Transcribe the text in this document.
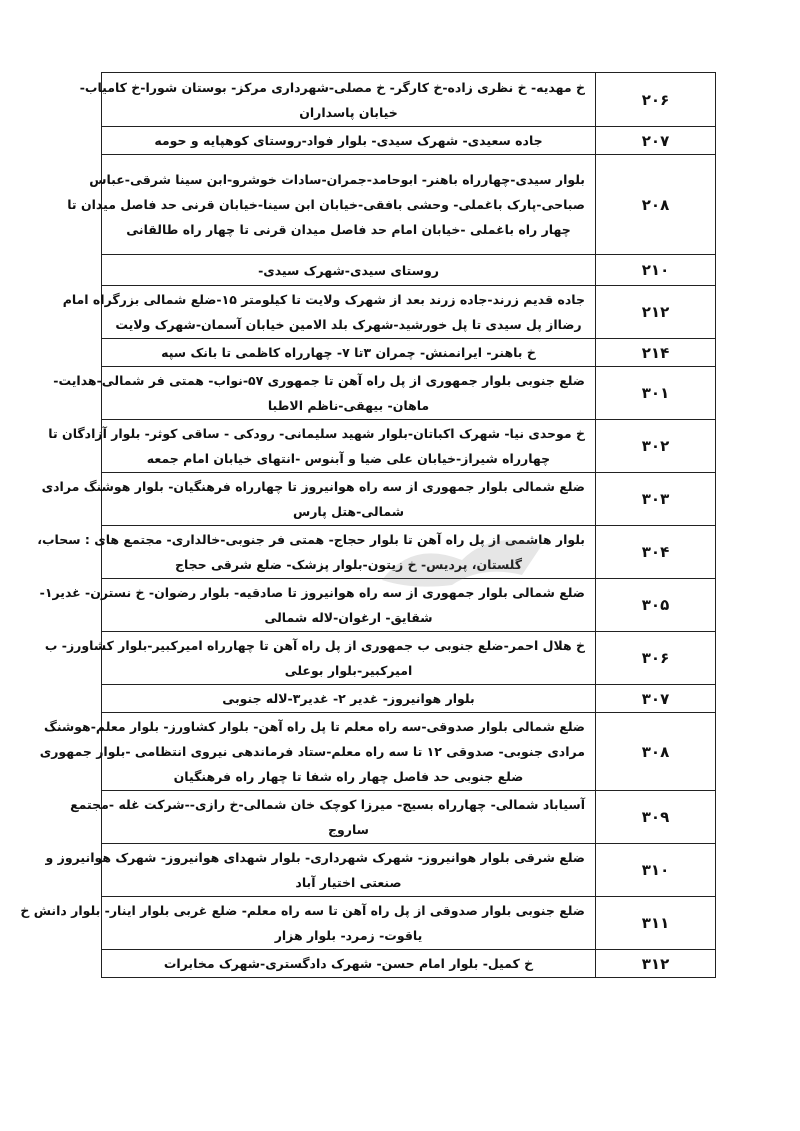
۲۰۶	خ مهدیه- خ نظری زاده-خ کارگر- خ مصلی-شهرداری مرکز- بوستان شورا-خ کامیاب-
خیابان پاسداران

۲۰۷	جاده سعیدی- شهرک سیدی- بلوار فواد-روستای کوهپایه و حومه

۲۰۸	بلوار سیدی-چهارراه باهنر- ابوحامد-جمران-سادات خوشرو-ابن سینا شرقی-عباس
صباحی-پارک باغملی- وحشی بافقی-خیابان ابن سینا-خیابان قرنی حد فاصل میدان تا
چهار راه باغملی -خیابان امام حد فاصل میدان قرنی تا چهار راه طالقانی

۲۱۰	روستای سیدی-شهرک سیدی-

۲۱۲	جاده قدیم زرند-جاده زرند بعد از شهرک ولایت تا کیلومتر ۱۵-ضلع شمالی بزرگراه امام
رضااز پل سیدی تا پل خورشید-شهرک بلد الامین خیابان آسمان-شهرک ولایت

۲۱۴	خ باهنر- ایرانمنش- چمران ۳تا ۷- چهارراه کاظمی تا بانک سپه

۳۰۱	ضلع جنوبی بلوار جمهوری از پل راه آهن تا جمهوری ۵۷-نواب- همتی فر شمالی-هدایت-
ماهان- بیهقی-ناظم الاطبا

۳۰۲	خ موحدی نیا- شهرک اکباتان-بلوار شهید سلیمانی- رودکی - ساقی کوثر- بلوار آزادگان تا
چهارراه شیراز-خیابان علی ضیا و آبنوس -انتهای خیابان امام جمعه

۳۰۳	ضلع شمالی بلوار جمهوری از سه راه هوانیروز تا چهارراه فرهنگیان- بلوار هوشنگ مرادی
شمالی-هتل پارس

۳۰۴	بلوار هاشمی از پل راه آهن تا بلوار حجاج- همتی فر جنوبی-خالداری- مجتمع های : سحاب،
گلستان، پردیس- خ زیتون-بلوار پزشک- ضلع شرقی حجاج

۳۰۵	ضلع شمالی بلوار جمهوری از سه راه هوانیروز تا صادقیه- بلوار رضوان- خ نسترن- غدیر۱-
شقایق- ارغوان-لاله شمالی

۳۰۶	خ هلال احمر-ضلع جنوبی ب جمهوری از پل راه آهن تا چهارراه امیرکبیر-بلوار کشاورز- ب
امیرکبیر-بلوار بوعلی

۳۰۷	بلوار هوانیروز- غدیر ۲- غدیر۳-لاله جنوبی

۳۰۸	ضلع شمالی بلوار صدوقی-سه راه معلم تا پل راه آهن- بلوار کشاورز- بلوار معلم-هوشنگ
مرادی جنوبی- صدوقی ۱۲ تا سه راه معلم-ستاد فرماندهی نیروی انتظامی -بلوار جمهوری
ضلع جنوبی حد فاصل چهار راه شفا تا چهار راه فرهنگیان

۳۰۹	آسیاباد شمالی- چهارراه بسیج- میرزا کوچک خان شمالی-خ رازی--شرکت غله -مجتمع
ساروج

۳۱۰	ضلع شرقی بلوار هوانیروز- شهرک شهرداری- بلوار شهدای هوانیروز- شهرک هوانیروز و
صنعتی اختیار آباد

۳۱۱	ضلع جنوبی بلوار صدوقی از پل راه آهن تا سه راه معلم- ضلع غربی بلوار اینار- بلوار دانش خ
یاقوت- زمرد- بلوار هزار

۳۱۲	خ کمیل- بلوار امام حسن- شهرک دادگستری-شهرک مخابرات
